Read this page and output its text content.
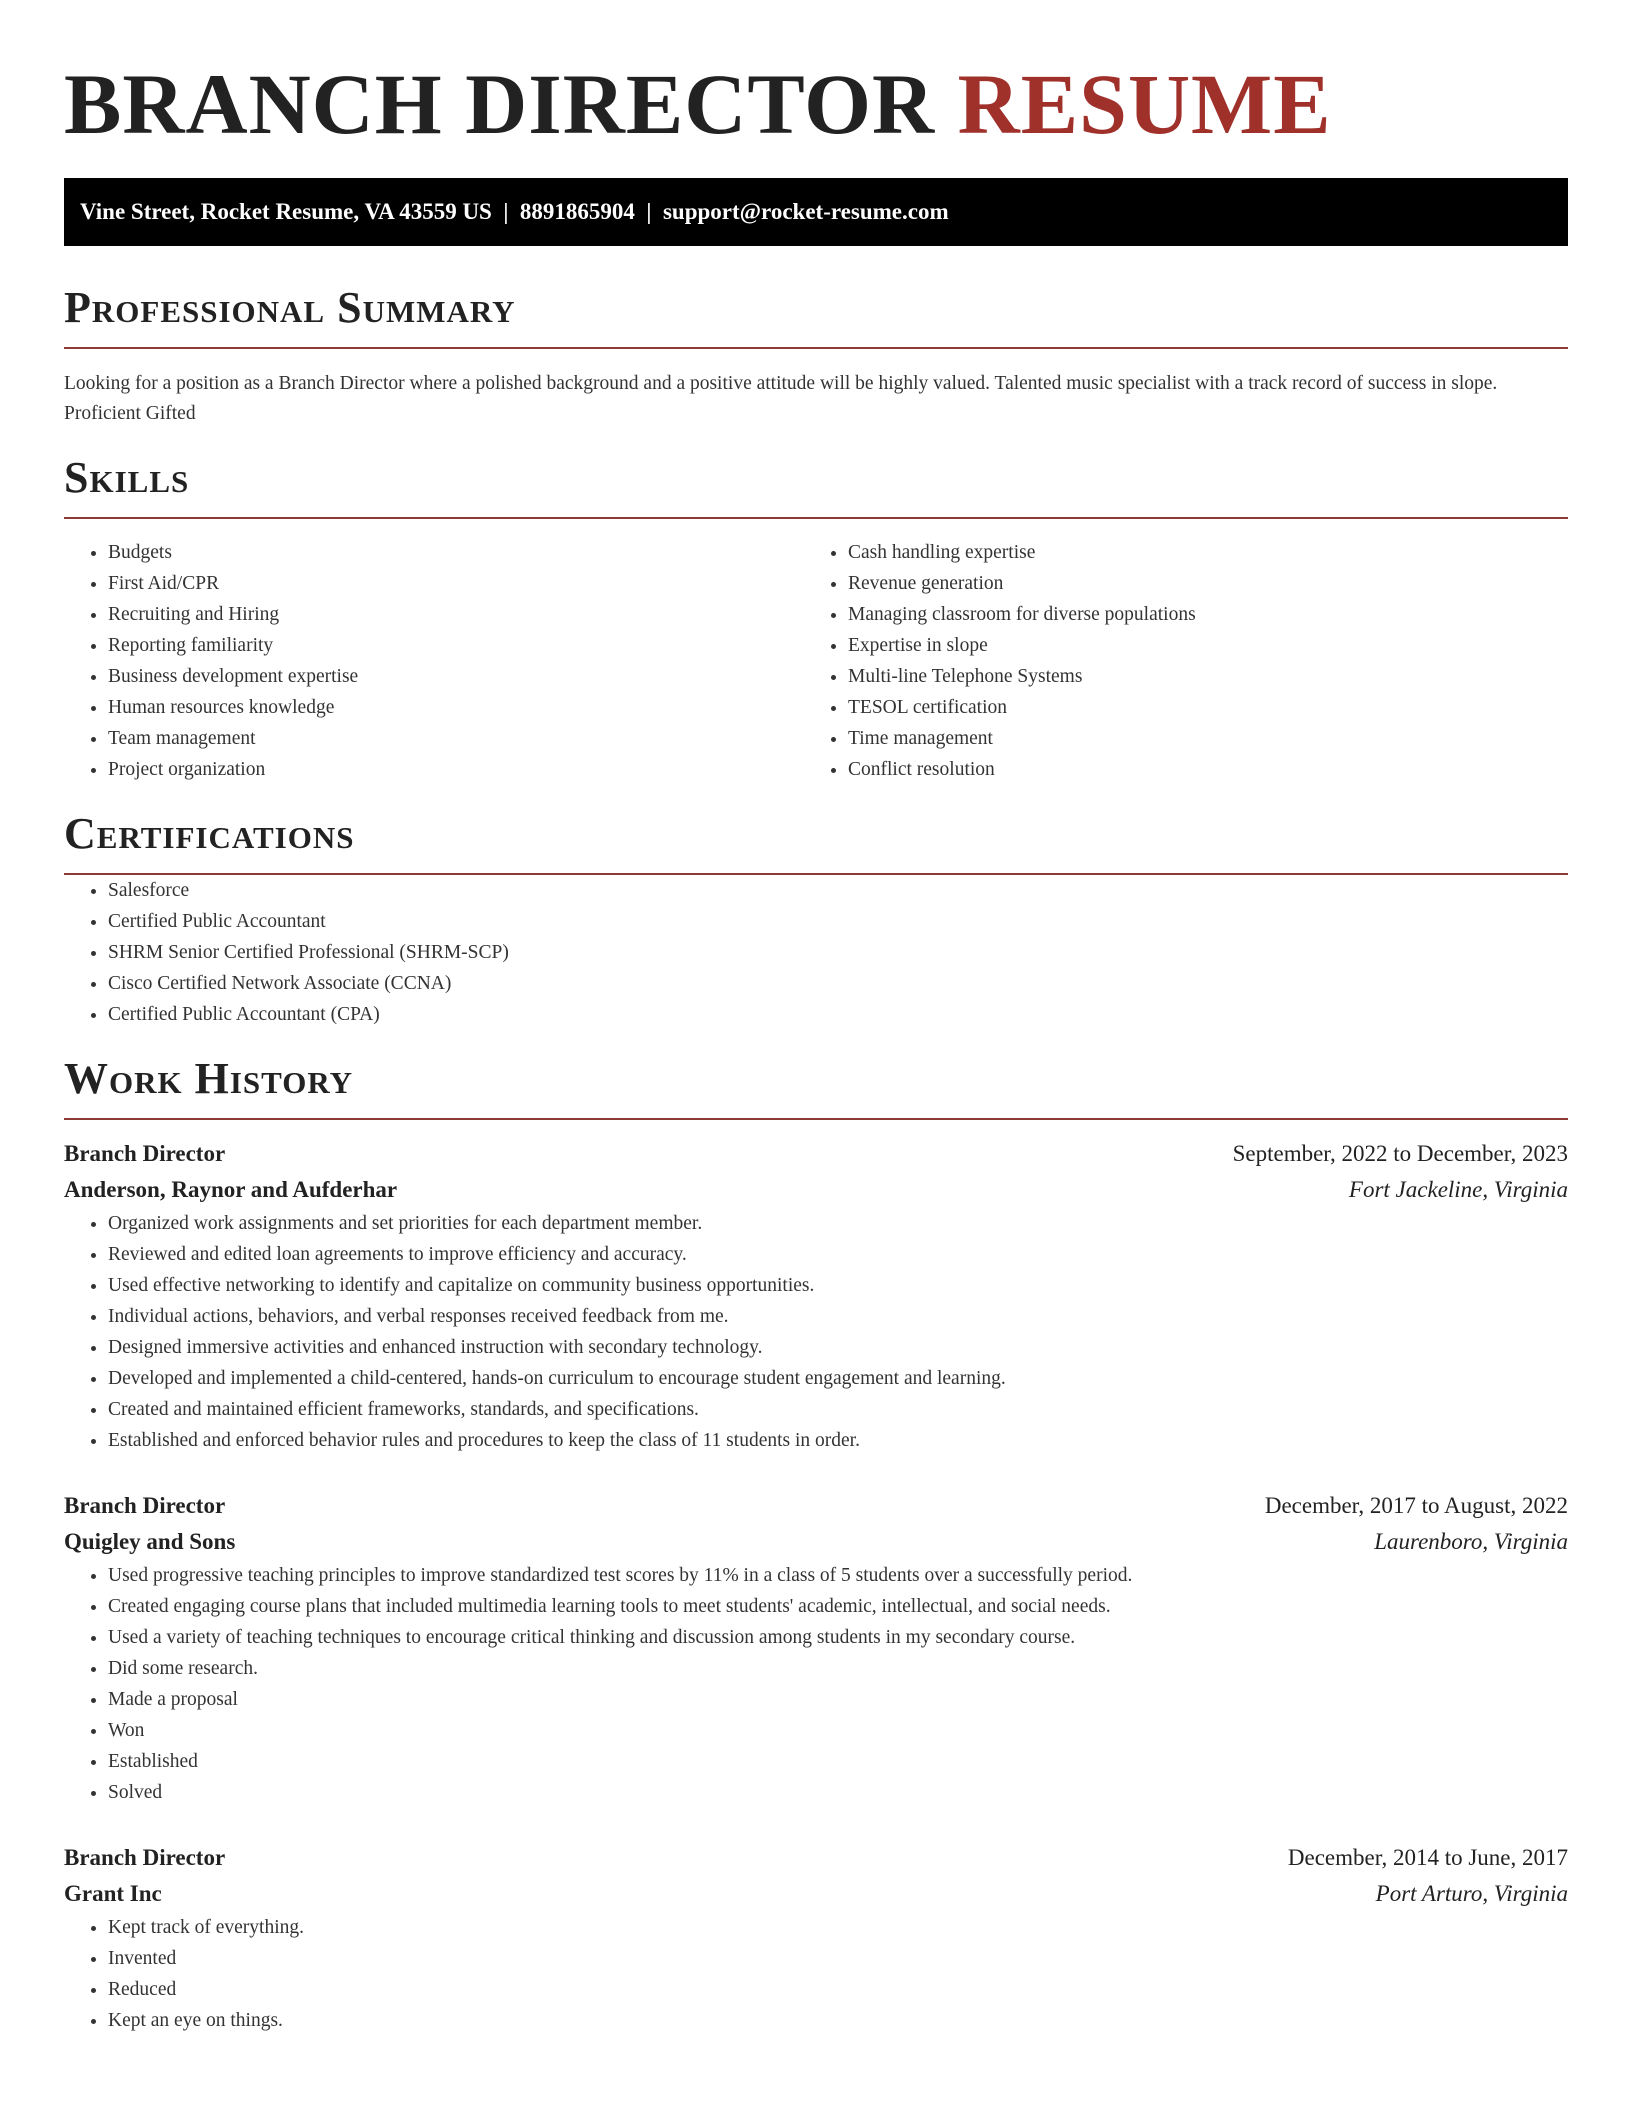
BRANCH DIRECTOR RESUME
Vine Street, Rocket Resume, VA 43559 US  |  8891865904  |  support@rocket-resume.com
Professional Summary

Looking for a position as a Branch Director where a polished background and a positive attitude will be highly valued. Talented music specialist with a track record of success in slope. Proficient Gifted

Skills
• Budgets
• First Aid/CPR
• Recruiting and Hiring
• Reporting familiarity
• Business development expertise
• Human resources knowledge
• Team management
• Project organization
• Cash handling expertise
• Revenue generation
• Managing classroom for diverse populations
• Expertise in slope
• Multi-line Telephone Systems
• TESOL certification
• Time management
• Conflict resolution
Certifications
• Salesforce
• Certified Public Accountant
• SHRM Senior Certified Professional (SHRM-SCP)
• Cisco Certified Network Associate (CCNA)
• Certified Public Accountant (CPA)
Work History
Branch Director	September, 2022 to December, 2023
Anderson, Raynor and Aufderhar	Fort Jackeline, Virginia
• Organized work assignments and set priorities for each department member.
• Reviewed and edited loan agreements to improve efficiency and accuracy.
• Used effective networking to identify and capitalize on community business opportunities.
• Individual actions, behaviors, and verbal responses received feedback from me.
• Designed immersive activities and enhanced instruction with secondary technology.
• Developed and implemented a child-centered, hands-on curriculum to encourage student engagement and learning.
• Created and maintained efficient frameworks, standards, and specifications.
• Established and enforced behavior rules and procedures to keep the class of 11 students in order.
Branch Director	December, 2017 to August, 2022
Quigley and Sons	Laurenboro, Virginia
• Used progressive teaching principles to improve standardized test scores by 11% in a class of 5 students over a successfully period.
• Created engaging course plans that included multimedia learning tools to meet students' academic, intellectual, and social needs.
• Used a variety of teaching techniques to encourage critical thinking and discussion among students in my secondary course.
• Did some research.
• Made a proposal
• Won
• Established
• Solved
Branch Director	December, 2014 to June, 2017
Grant Inc	Port Arturo, Virginia
• Kept track of everything.
• Invented
• Reduced
• Kept an eye on things.
